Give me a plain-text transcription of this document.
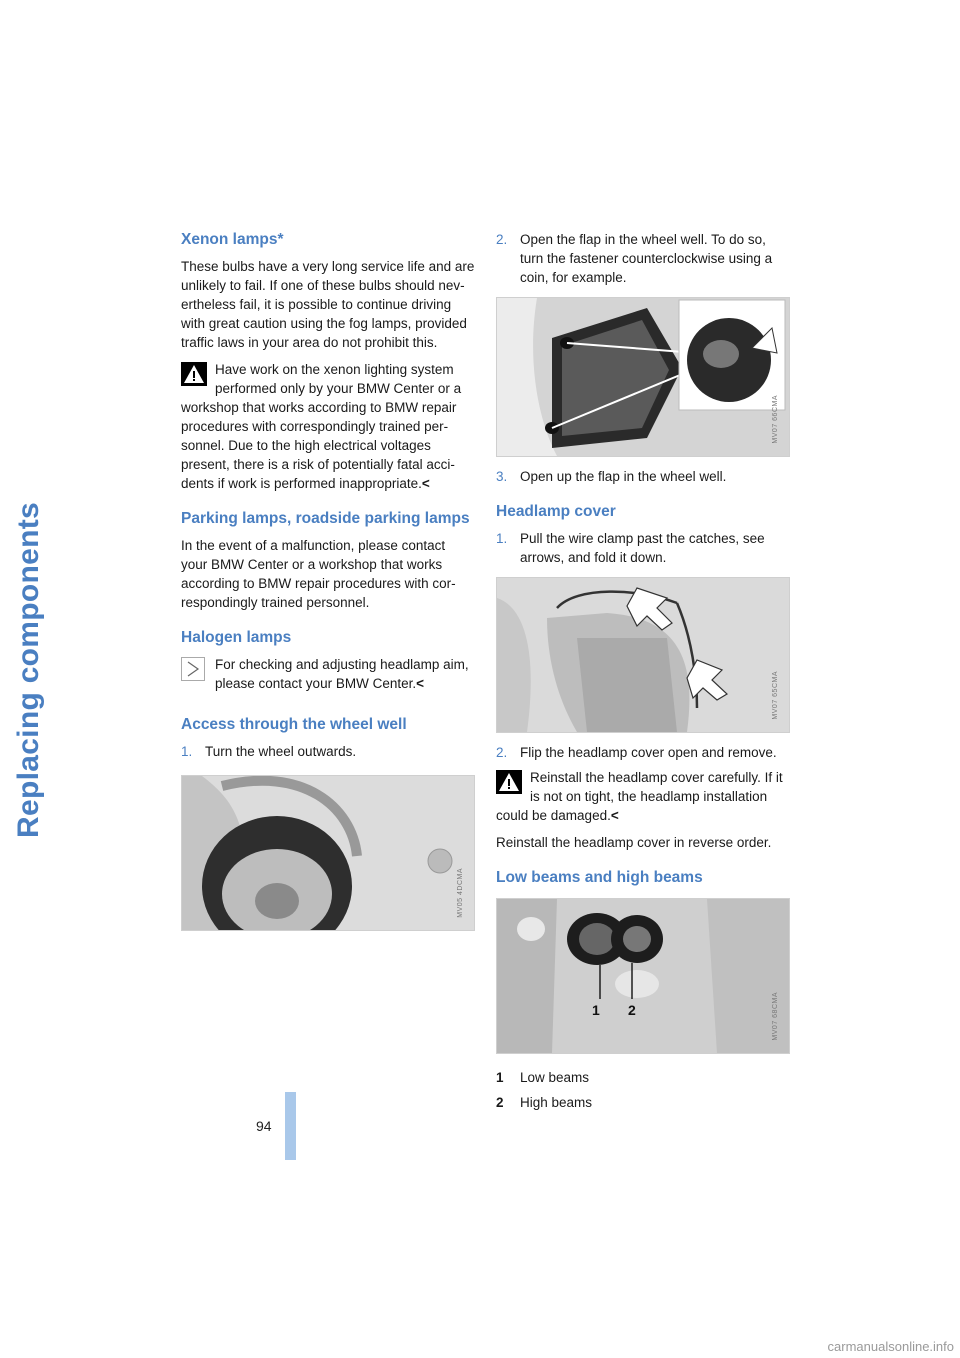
Replacing components
94
Xenon lamps*

These bulbs have a very long service life and are unlikely to fail. If one of these bulbs should nev-ertheless fail, it is possible to continue driving with great caution using the fog lamps, provided traffic laws in your area do not prohibit this.

Have work on the xenon lighting system performed only by your BMW Center or a workshop that works according to BMW repair procedures with correspondingly trained per-sonnel. Due to the high electrical voltages present, there is a risk of potentially fatal acci-dents if work is performed inappropriate.<
Parking lamps, roadside parking lamps

In the event of a malfunction, please contact your BMW Center or a workshop that works according to BMW repair procedures with cor-respondingly trained personnel.

Halogen lamps
For checking and adjusting headlamp aim, please contact your BMW Center.<
Access through the wheel well
1. Turn the wheel outwards.
MV05 4DCMA
2. Open the flap in the wheel well. To do so, turn the fastener counterclockwise using a coin, for example.
MV07 66CMA
3. Open up the flap in the wheel well.
Headlamp cover
1. Pull the wire clamp past the catches, see arrows, and fold it down.
MV07 65CMA
2. Flip the headlamp cover open and remove.
Reinstall the headlamp cover carefully. If it is not on tight, the headlamp installation could be damaged.<

Reinstall the headlamp cover in reverse order.

Low beams and high beams
1 2	MV07 68CMA
1 Low beams
2 High beams
carmanualsonline.info
